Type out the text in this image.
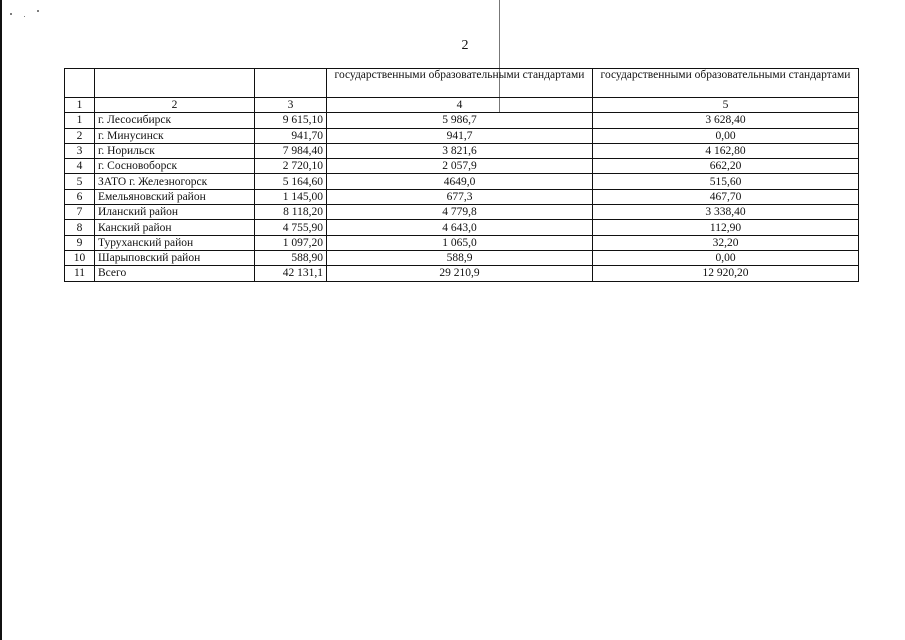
2
			государственными образовательными стандартами	государственными образовательными стандартами
1	2	3	4	5
1	г. Лесосибирск	9 615,10	5 986,7	3 628,40
2	г. Минусинск	941,70	941,7	0,00
3	г. Норильск	7 984,40	3 821,6	4 162,80
4	г. Сосновоборск	2 720,10	2 057,9	662,20
5	ЗАТО г. Железногорск	5 164,60	4649,0	515,60
6	Емельяновский район	1 145,00	677,3	467,70
7	Иланский район	8 118,20	4 779,8	3 338,40
8	Канский район	4 755,90	4 643,0	112,90
9	Туруханский район	1 097,20	1 065,0	32,20
10	Шарыповский район	588,90	588,9	0,00
11	Всего	42 131,1	29 210,9	12 920,20
